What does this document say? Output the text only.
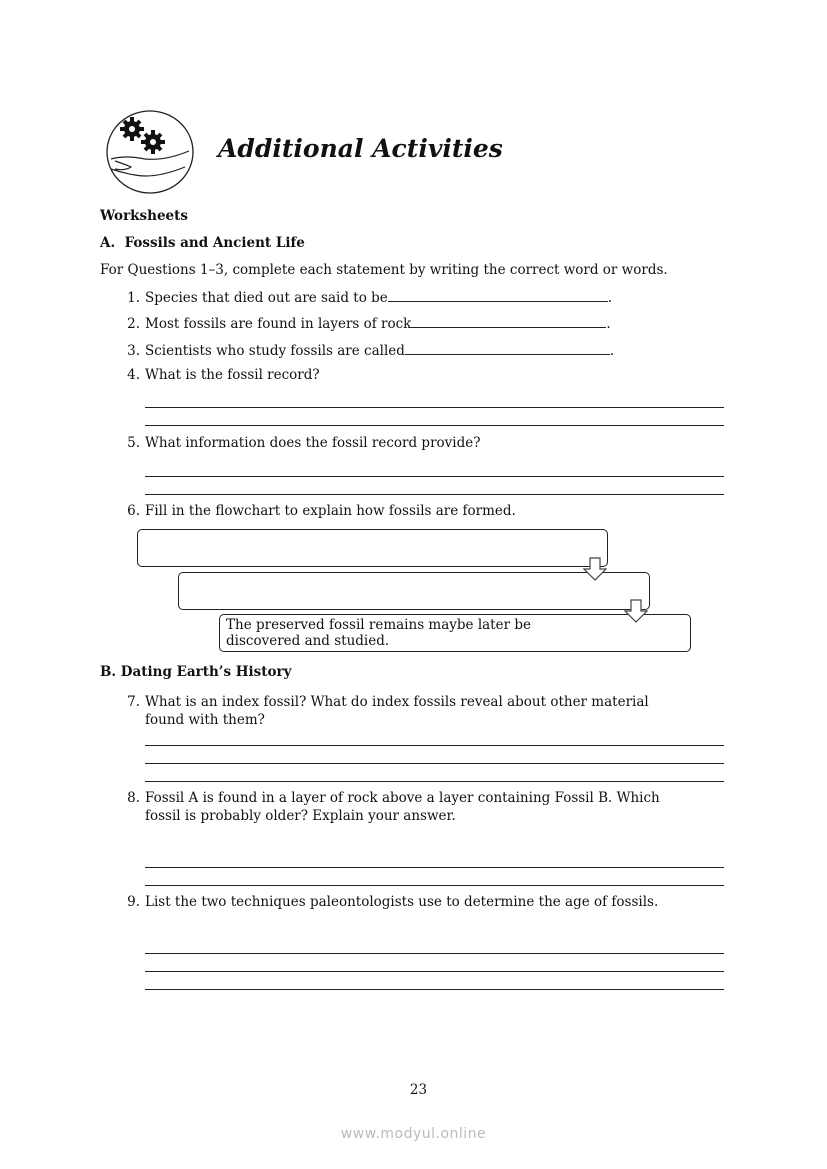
Additional Activities
Worksheets
A.  Fossils and Ancient Life
For Questions 1–3, complete each statement by writing the correct word or words.
1. Species that died out are said to be	.
2. Most fossils are found in layers of rock	.
3. Scientists who study fossils are called	.
4. What is the fossil record?
5. What information does the fossil record provide?
6. Fill in the flowchart to explain how fossils are formed.
The preserved fossil remains maybe later be
discovered and studied.
B. Dating Earth’s History
7. What is an index fossil? What do index fossils reveal about other material
found with them?
8. Fossil A is found in a layer of rock above a layer containing Fossil B. Which
fossil is probably older? Explain your answer.
9. List the two techniques paleontologists use to determine the age of fossils.
23
www.modyul.online
